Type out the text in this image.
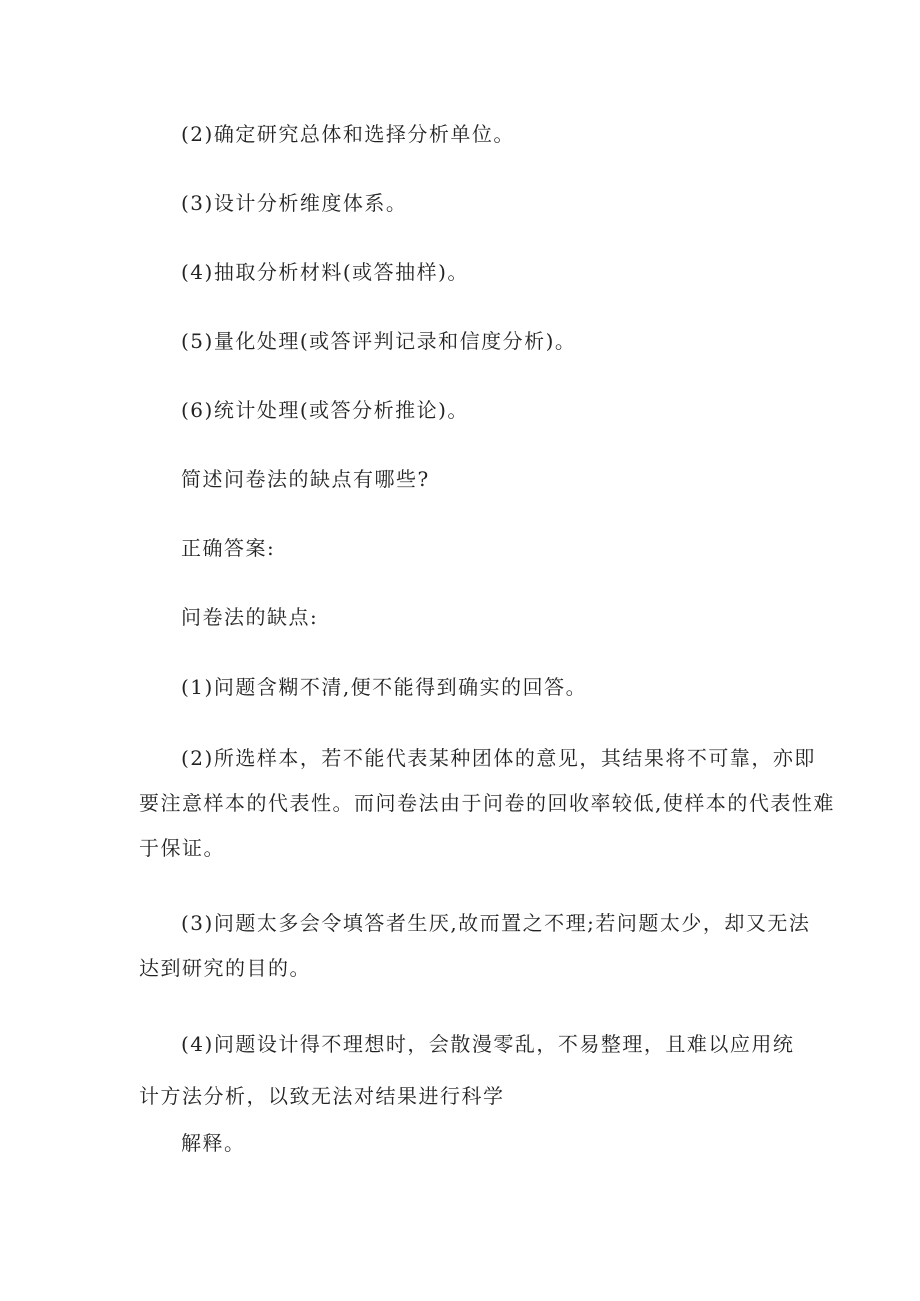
(2)确定研究总体和选择分析单位。
(3)设计分析维度体系。
(4)抽取分析材料(或答抽样)。
(5)量化处理(或答评判记录和信度分析)。
(6)统计处理(或答分析推论)。
简述问卷法的缺点有哪些?
正确答案:
问卷法的缺点:
(1)问题含糊不清,便不能得到确实的回答。
(2)所选样本，若不能代表某种团体的意见，其结果将不可靠，亦即
要注意样本的代表性。而问卷法由于问卷的回收率较低,使样本的代表性难
于保证。
(3)问题太多会令填答者生厌,故而置之不理;若问题太少，却又无法
达到研究的目的。
(4)问题设计得不理想时，会散漫零乱，不易整理，且难以应用统
计方法分析，以致无法对结果进行科学
解释。
